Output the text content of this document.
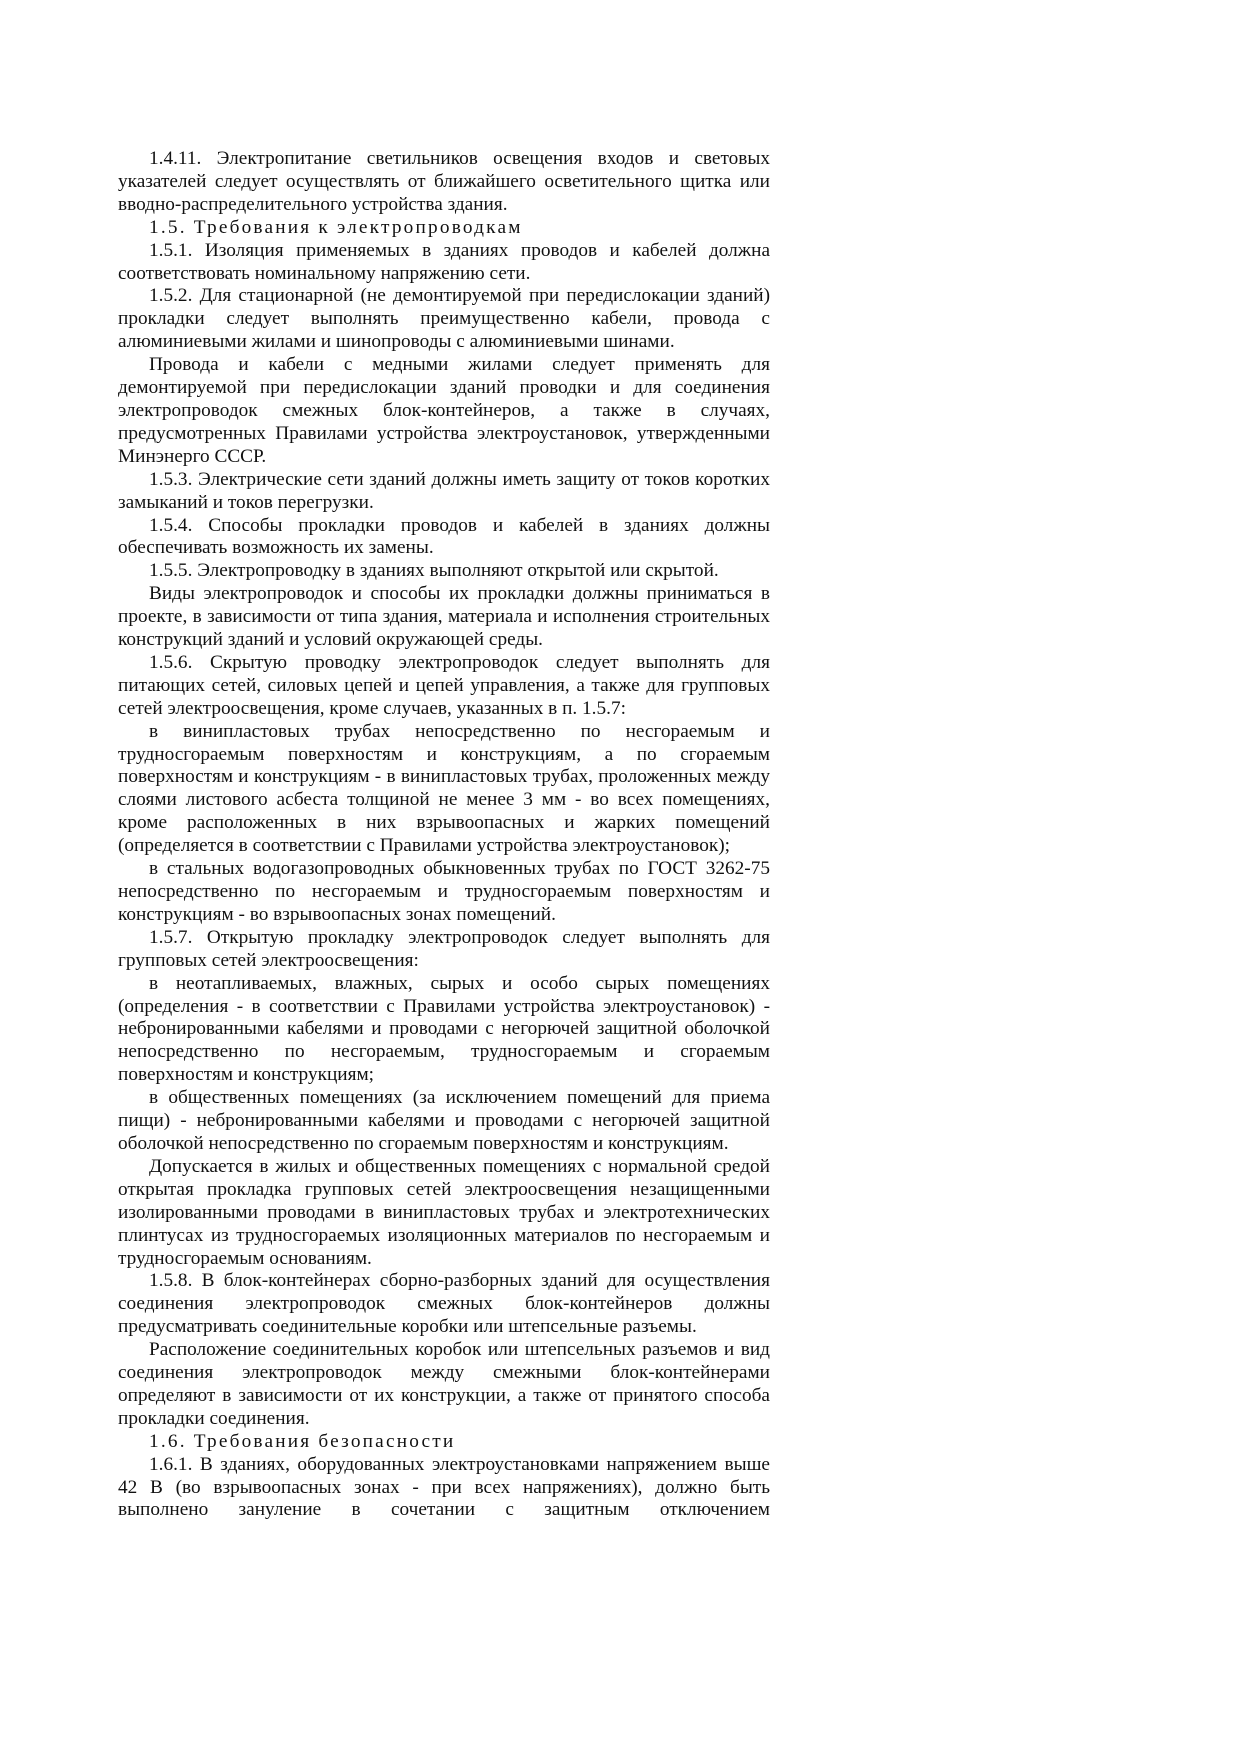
1.4.11. Электропитание светильников освещения входов и световых указателей следует осуществлять от ближайшего осветительного щитка или вводно-распределительного устройства здания.

1.5. Требования к электропроводкам

1.5.1. Изоляция применяемых в зданиях проводов и кабелей должна соответствовать номинальному напряжению сети.

1.5.2. Для стационарной (не демонтируемой при передислокации зданий) прокладки следует выполнять преимущественно кабели, провода с алюминиевыми жилами и шинопроводы с алюминиевыми шинами.

Провода и кабели с медными жилами следует применять для демонтируемой при передислокации зданий проводки и для соединения электропроводок смежных блок-контейнеров, а также в случаях, предусмотренных Правилами устройства электроустановок, утвержденными Минэнерго СССР.

1.5.3. Электрические сети зданий должны иметь защиту от токов коротких замыканий и токов перегрузки.

1.5.4. Способы прокладки проводов и кабелей в зданиях должны обеспечивать возможность их замены.

1.5.5. Электропроводку в зданиях выполняют открытой или скрытой.

Виды электропроводок и способы их прокладки должны приниматься в проекте, в зависимости от типа здания, материала и исполнения строительных конструкций зданий и условий окружающей среды.

1.5.6. Скрытую проводку электропроводок следует выполнять для питающих сетей, силовых цепей и цепей управления, а также для групповых сетей электроосвещения, кроме случаев, указанных в п. 1.5.7:

в винипластовых трубах непосредственно по несгораемым и трудносгораемым поверхностям и конструкциям, а по сгораемым поверхностям и конструкциям - в винипластовых трубах, проложенных между слоями листового асбеста толщиной не менее 3 мм - во всех помещениях, кроме расположенных в них взрывоопасных и жарких помещений (определяется в соответствии с Правилами устройства электроустановок);

в стальных водогазопроводных обыкновенных трубах по ГОСТ 3262-75 непосредственно по несгораемым и трудносгораемым поверхностям и конструкциям - во взрывоопасных зонах помещений.

1.5.7. Открытую прокладку электропроводок следует выполнять для групповых сетей электроосвещения:

в неотапливаемых, влажных, сырых и особо сырых помещениях (определения - в соответствии с Правилами устройства электроустановок) - небронированными кабелями и проводами с негорючей защитной оболочкой непосредственно по несгораемым, трудносгораемым и сгораемым поверхностям и конструкциям;

в общественных помещениях (за исключением помещений для приема пищи) - небронированными кабелями и проводами с негорючей защитной оболочкой непосредственно по сгораемым поверхностям и конструкциям.

Допускается в жилых и общественных помещениях с нормальной средой открытая прокладка групповых сетей электроосвещения незащищенными изолированными проводами в винипластовых трубах и электротехнических плинтусах из трудносгораемых изоляционных материалов по несгораемым и трудносгораемым основаниям.

1.5.8. В блок-контейнерах сборно-разборных зданий для осуществления соединения электропроводок смежных блок-контейнеров должны предусматривать соединительные коробки или штепсельные разъемы.

Расположение соединительных коробок или штепсельных разъемов и вид соединения электропроводок между смежными блок-контейнерами определяют в зависимости от их конструкции, а также от принятого способа прокладки соединения.

1.6. Требования безопасности

1.6.1. В зданиях, оборудованных электроустановками напряжением выше 42 В (во взрывоопасных зонах - при всех напряжениях), должно быть выполнено зануление в сочетании с защитным отключением
